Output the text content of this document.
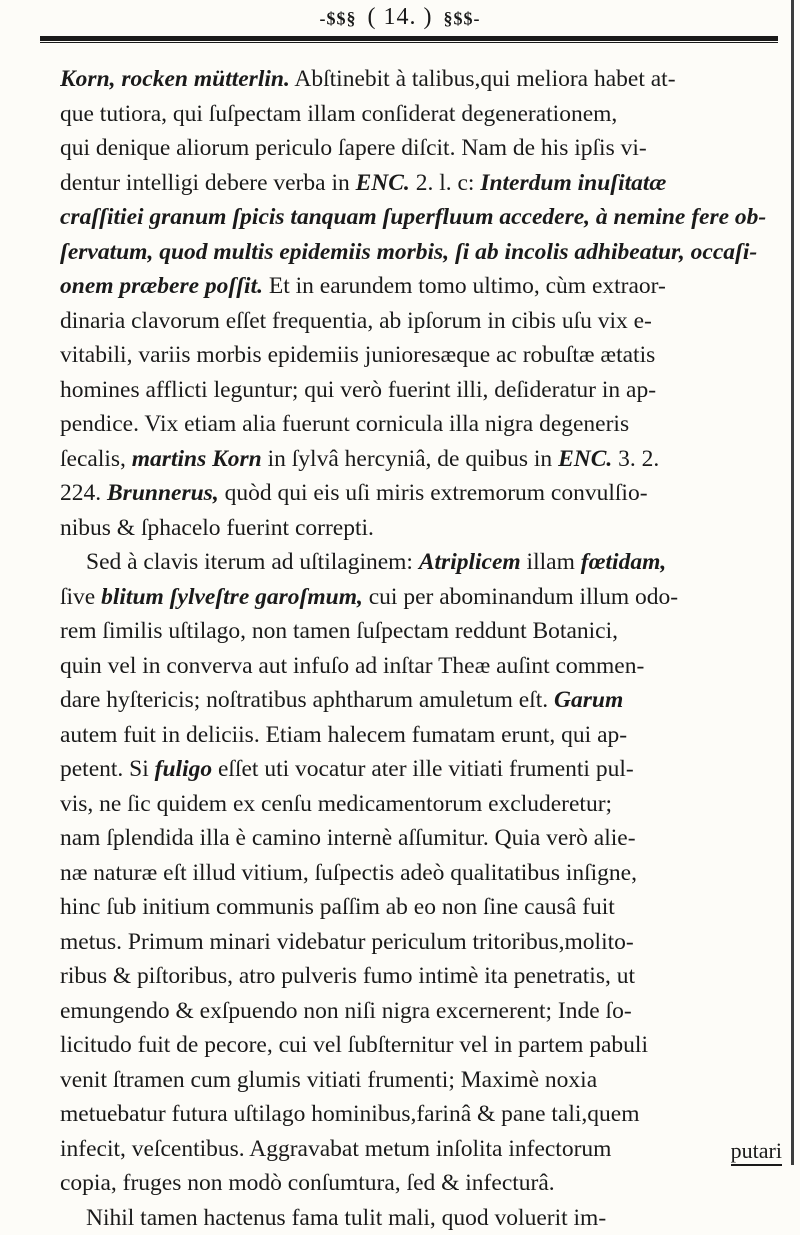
-$$§ ( 14. ) §$$-
Korn, rocken mütterlin. Abſtinebit à talibus,qui meliora habet at-
que tutiora, qui ſuſpectam illam conſiderat degenerationem,
qui denique aliorum periculo ſapere diſcit. Nam de his ipſis vi-
dentur intelligi debere verba in ENC. 2. l. c: Interdum inuſitatæ
craſſitiei granum ſpicis tanquam ſuperfluum accedere, à nemine fere ob-
ſervatum, quod multis epidemiis morbis, ſi ab incolis adhibeatur, occaſi-
onem præbere poſſit. Et in earundem tomo ultimo, cùm extraor-
dinaria clavorum eſſet frequentia, ab ipſorum in cibis uſu vix e-
vitabili, variis morbis epidemiis junioresæque ac robuſtæ ætatis
homines afflicti leguntur; qui verò fuerint illi, deſideratur in ap-
pendice. Vix etiam alia fuerunt cornicula illa nigra degeneris
ſecalis, martins Korn in ſylvâ hercyniâ, de quibus in ENC. 3. 2.
224. Brunnerus, quòd qui eis uſi miris extremorum convulſio-
nibus & ſphacelo fuerint correpti.
Sed à clavis iterum ad uſtilaginem: Atriplicem illam fœtidam,
ſive blitum ſylveſtre garoſmum, cui per abominandum illum odo-
rem ſimilis uſtilago, non tamen ſuſpectam reddunt Botanici,
quin vel in converva aut infuſo ad inſtar Theæ auſint commen-
dare hyſtericis; noſtratibus aphtharum amuletum eſt. Garum
autem fuit in deliciis. Etiam halecem fumatam erunt, qui ap-
petent. Si fuligo eſſet uti vocatur ater ille vitiati frumenti pul-
vis, ne ſic quidem ex cenſu medicamentorum excluderetur;
nam ſplendida illa è camino internè aſſumitur. Quia verò alie-
næ naturæ eſt illud vitium, ſuſpectis adeò qualitatibus inſigne,
hinc ſub initium communis paſſim ab eo non ſine causâ fuit
metus. Primum minari videbatur periculum tritoribus,molito-
ribus & piſtoribus, atro pulveris fumo intimè ita penetratis, ut
emungendo & exſpuendo non niſi nigra excernerent; Inde ſo-
licitudo fuit de pecore, cui vel ſubſternitur vel in partem pabuli
venit ſtramen cum glumis vitiati frumenti; Maximè noxia
metuebatur futura uſtilago hominibus,farinâ & pane tali,quem
infecit, veſcentibus. Aggravabat metum inſolita infectorum
copia, fruges non modò conſumtura, ſed & infecturâ.
Nihil tamen hactenus fama tulit mali, quod voluerit im-
putari
